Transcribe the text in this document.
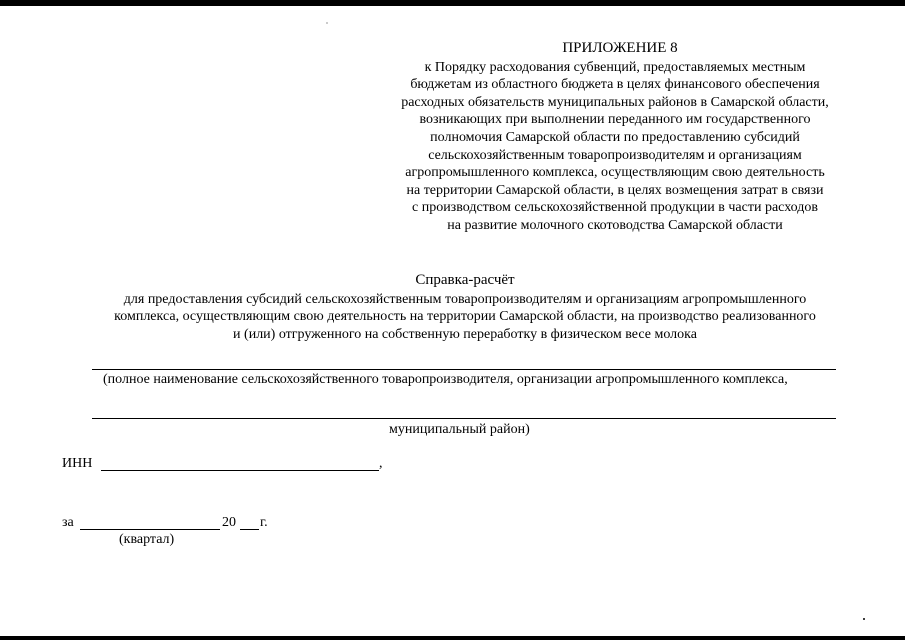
ПРИЛОЖЕНИЕ 8
к Порядку расходования субвенций, предоставляемых местным
бюджетам из областного бюджета в целях финансового обеспечения
расходных обязательств муниципальных районов в Самарской области,
возникающих при выполнении переданного им государственного
полномочия Самарской области по предоставлению субсидий
сельскохозяйственным товаропроизводителям и организациям
агропромышленного комплекса, осуществляющим свою деятельность
на территории Самарской области, в целях возмещения затрат в связи
с производством сельскохозяйственной продукции в части расходов
на развитие молочного скотоводства Самарской области
Справка-расчёт
для предоставления субсидий сельскохозяйственным товаропроизводителям и организациям агропромышленного
комплекса, осуществляющим свою деятельность на территории Самарской области, на производство реализованного
и (или) отгруженного на собственную переработку в физическом весе молока
(полное наименование сельскохозяйственного товаропроизводителя, организации агропромышленного комплекса,
муниципальный район)
ИНН	,
за	20 г.
(квартал)
